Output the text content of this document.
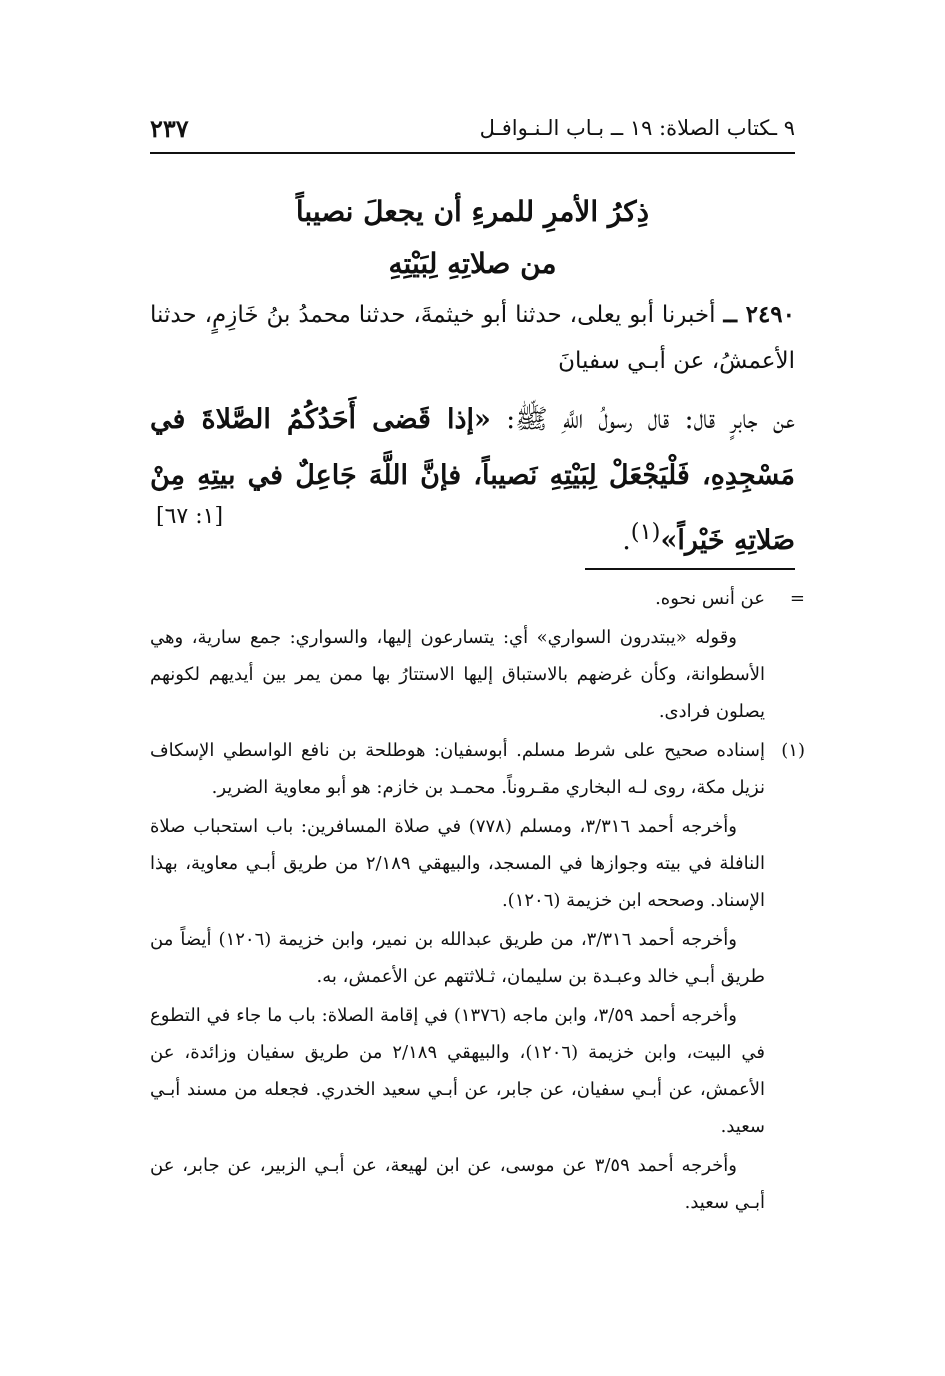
٩ ـكتاب الصلاة: ١٩ ــ بـاب الـنـوافـل
٢٣٧
ذِكرُ الأمرِ للمرءِ أن يجعلَ نصيباً
من صلاتِهِ لِبَيْتِهِ
٢٤٩٠ ــ أخبرنا أبو يعلى، حدثنا أبو خيثمةَ، حدثنا محمدُ بنُ خَازِمٍ، حدثنا الأعمشُ، عن أبـي سفيانَ
عن جابرٍ قال: قال رسولُ اللَّهِ ﷺ: «إذا قَضى أَحَدُكُمُ الصَّلاةَ في مَسْجِدِهِ، فَلْيَجْعَلْ لِبَيْتِهِ نَصيباً، فإنَّ اللَّهَ جَاعِلٌ في بيتِهِ مِنْ صَلاتِهِ خَيْراً»$^{(١)}$.
[١: ٦٧]
=
عن أنس نحوه.
وقوله «يبتدرون السواري» أي: يتسارعون إليها، والسواري: جمع سارية، وهي الأسطوانة، وكأن غرضهم بالاستباق إليها الاستتارُ بها ممن يمر بين أيديهم لكونهم يصلون فرادى.
(١)
إسناده صحيح على شرط مسلم. أبوسفيان: هوطلحة بن نافع الواسطي الإسكاف نزيل مكة، روى لـه البخاري مقـروناً. محمـد بن خازم: هو أبو معاوية الضرير.
وأخرجه أحمد ٣/٣١٦، ومسلم (٧٧٨) في صلاة المسافرين: باب استحباب صلاة النافلة في بيته وجوازها في المسجد، والبيهقي ٢/١٨٩ من طريق أبـي معاوية، بهذا الإسناد. وصححه ابن خزيمة (١٢٠٦).
وأخرجه أحمد ٣/٣١٦، من طريق عبدالله بن نمير، وابن خزيمة (١٢٠٦) أيضاً من طريق أبـي خالد وعبـدة بن سليمان، ثـلاثتهم عن الأعمش، به.
وأخرجه أحمد ٣/٥٩، وابن ماجه (١٣٧٦) في إقامة الصلاة: باب ما جاء في التطوع في البيت، وابن خزيمة (١٢٠٦)، والبيهقي ٢/١٨٩ من طريق سفيان وزائدة، عن الأعمش، عن أبـي سفيان، عن جابر، عن أبـي سعيد الخدري. فجعله من مسند أبـي سعيد.
وأخرجه أحمد ٣/٥٩ عن موسى، عن ابن لهيعة، عن أبـي الزبير، عن جابر، عن أبـي سعيد.
